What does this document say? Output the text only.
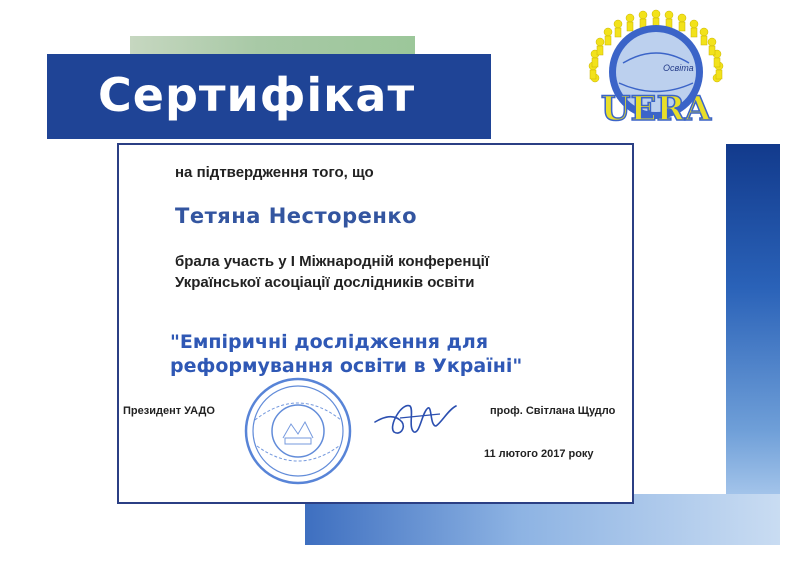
Сертифікат	Освіта
UERA
на підтвердження того, що
Тетяна Несторенко
брала участь у І Міжнародній конференції
Української асоціації дослідників освіти
"Емпіричні дослідження для
реформування освіти в Україні"
Президент УАДО	проф. Світлана Щудло
11 лютого 2017 року
